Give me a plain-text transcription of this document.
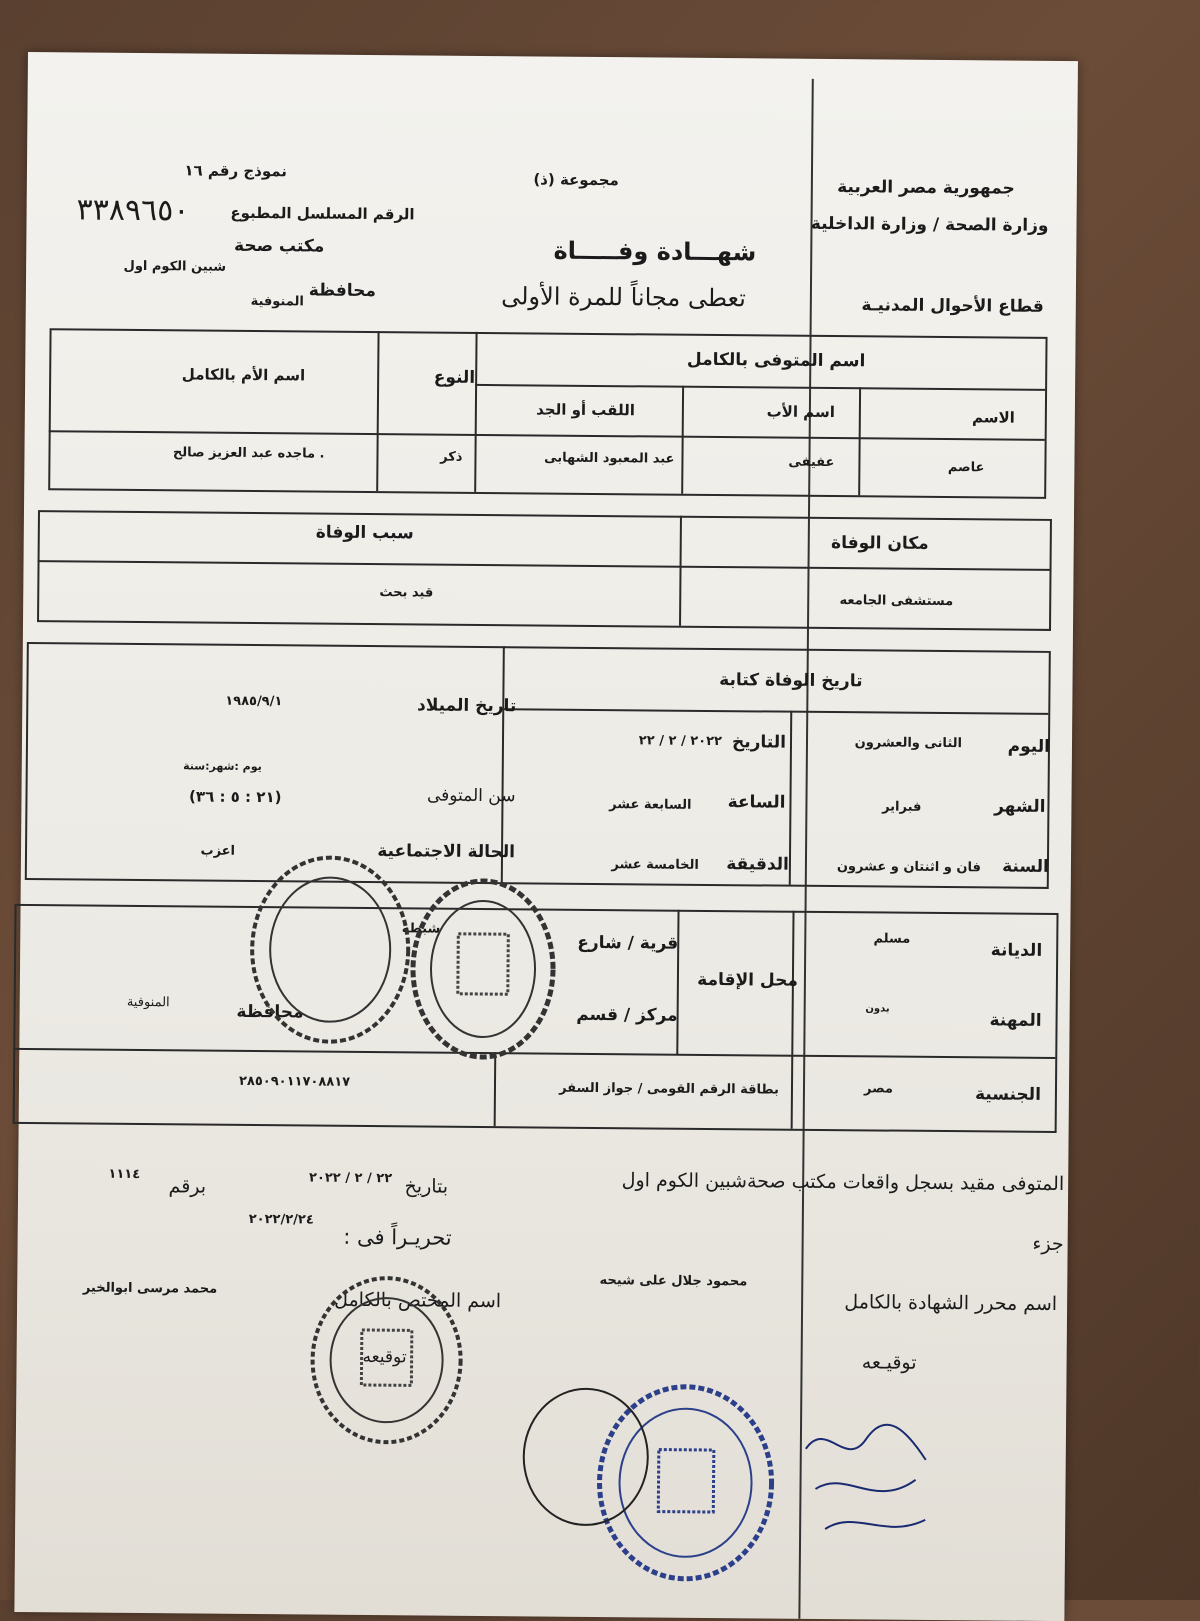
جمهورية مصر العربية
وزارة الصحة / وزارة الداخلية
قطاع الأحوال المدنيـة
مجموعة (ذ)
شهـــادة وفـــــاة
تعطى مجاناً للمرة الأولى
نموذج رقم ١٦
الرقم المسلسل المطبوع
٣٣٨٩٦٥٠
مكتب صحة
شبين الكوم اول
محافظة
المنوفية
اسم المتوفى بالكامل
النوع
اسم الأم بالكامل
الاسم
اسم الأب
اللقب أو الجد
عاصم
عفيفى
عبد المعبود الشهابى
ذكر
. ماجده عبد العزيز صالح
مكان الوفاة
سبب الوفاة
مستشفى الجامعه
قيد بحث
تاريخ الوفاة كتابة
اليوم
الثانى والعشرون
الشهر
فبراير
السنة
فان و اثنتان و عشرون
التاريخ
٢٠٢٢ / ٢ / ٢٢
الساعة
السابعة عشر
الدقيقة
الخامسة عشر
تاريخ الميلاد
١٩٨٥/٩/١
سن المتوفى
يوم :شهر:سنة
(٢١ : ٥ : ٣٦)
الحالة الاجتماعية
اعزب
الديانة
مسلم
المهنة
بدون
الجنسية
مصر
محل الإقامة
قرية / شارع
شبطه
مركز / قسم
محافظة
المنوفية
بطاقة الرقم القومى / جواز السفر
٢٨٥٠٩٠١١٧٠٨٨١٧
المتوفى مقيد بسجل واقعات مكتب صحةشبين الكوم اول
جزء
بتاريخ
٢٢ / ٢ / ٢٠٢٢
برقم
١١١٤
تحريـراً فى :
٢٠٢٢/٢/٢٤
اسم محرر الشهادة بالكامل
محمود جلال على شيحه
اسم المختص بالكامل
محمد مرسى ابوالخير
توقيـعه
توقيعه
